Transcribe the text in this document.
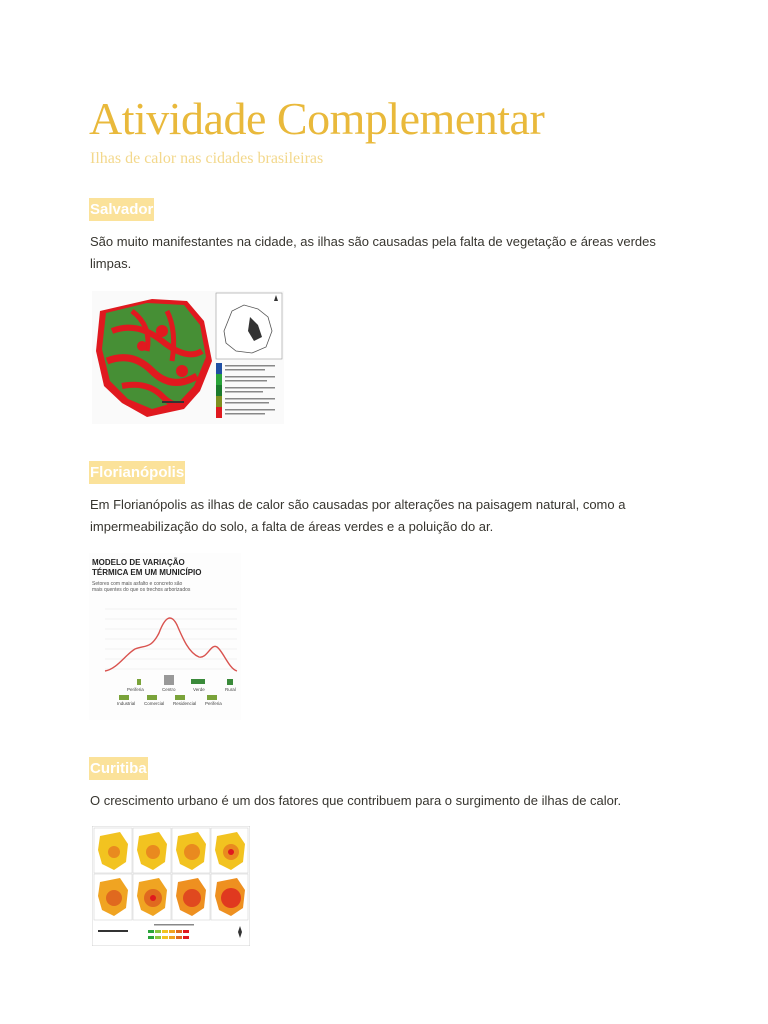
Atividade Complementar
Ilhas de calor nas cidades brasileiras
Salvador

São muito manifestantes na cidade, as ilhas são causadas pela falta de vegetação e áreas verdes limpas.

Florianópolis

Em Florianópolis as ilhas de calor são causadas por alterações na paisagem natural, como a impermeabilização do solo, a falta de áreas verdes e a poluição do ar.

MODELO DE VARIAÇÃO
TÉRMICA EM UM MUNICÍPIO
Setores com mais asfalto e concreto são
mais quentes do que os trechos arborizados
Periferia	Centro	Verde	Rural
Industrial Comercial Residencial Periferia
Curitiba

O crescimento urbano é um dos fatores que contribuem para o surgimento de ilhas de calor.
